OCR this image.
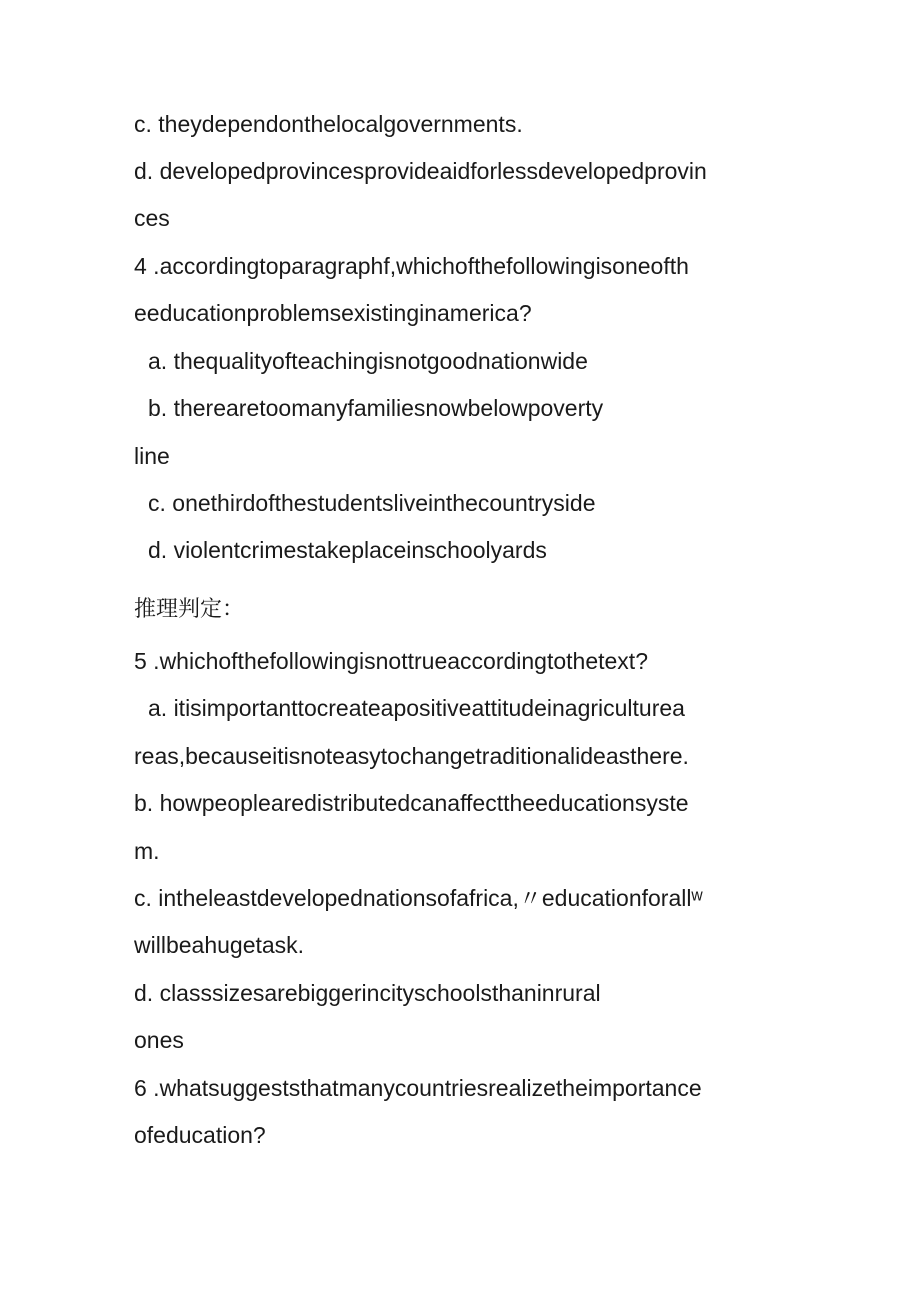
c. theydependonthelocalgovernments.
d. developedprovincesprovideaidforlessdevelopedprovin
ces
4 .accordingtoparagraphf,whichofthefollowingisoneofth
eeducationproblemsexistinginamerica?
a. thequalityofteachingisnotgoodnationwide
b. therearetoomanyfamiliesnowbelowpoverty
line
c. onethirdofthestudentsliveinthecountryside
d. violentcrimestakeplaceinschoolyards
推理判定：
5 .whichofthefollowingisnottrueaccordingtothetext?
a. itisimportanttocreateapositiveattitudeinagriculturea
reas,becauseitisnoteasytochangetraditionalideasthere.
b. howpeoplearedistributedcanaffecttheeducationsyste
m.
c. intheleastdevelopednationsofafrica,〃educationforallʷ
willbeahugetask.
d. classsizesarebiggerincityschoolsthaninrural
ones
6 .whatsuggeststhatmanycountriesrealizetheimportance
ofeducation?
